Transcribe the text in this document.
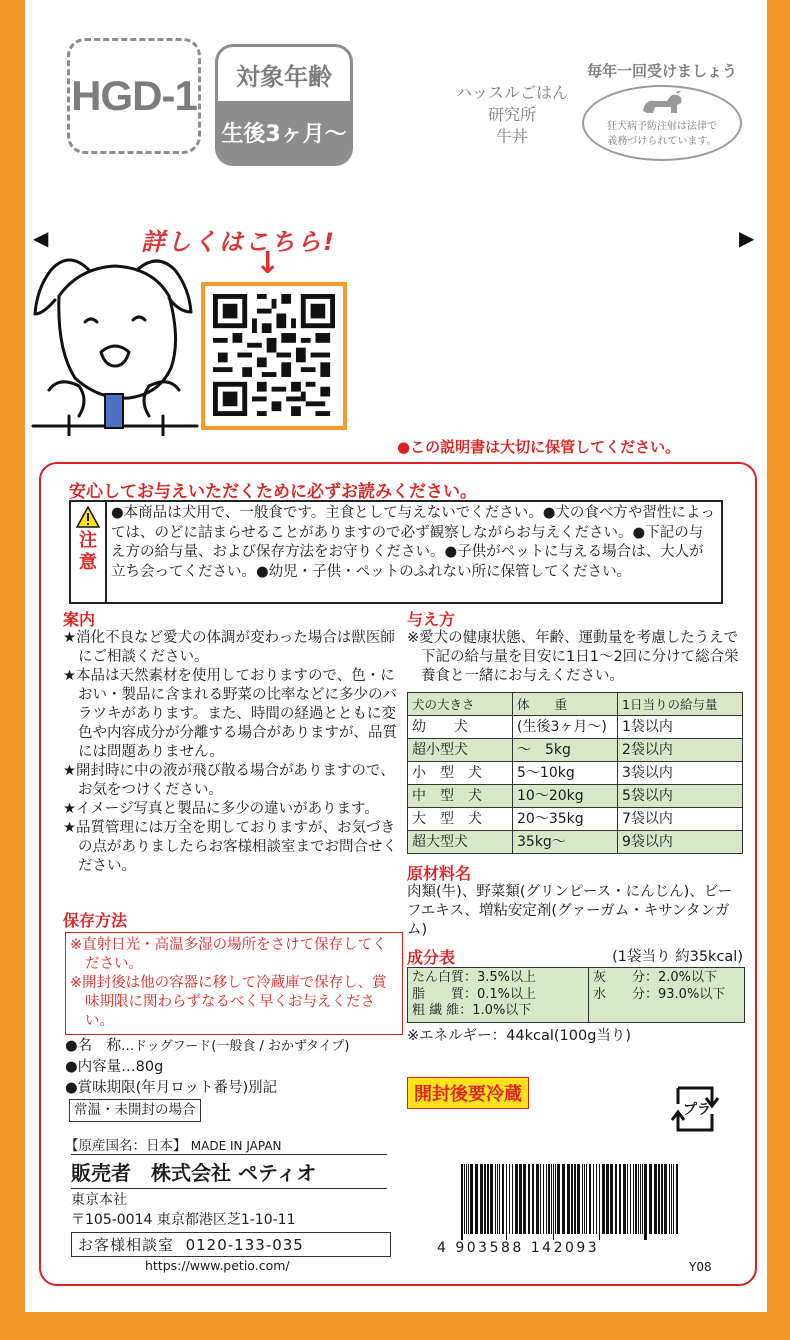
HGD-1	対象年齢
生後3ヶ月〜
ハッスルごはん
研究所
牛丼
毎年一回受けましょう
狂犬病予防注射は法律で
義務づけられています。
◀	▶
詳しくはこちら!
↓
●この説明書は大切に保管してください。
安心してお与えいただくために必ずお読みください。
注
意
●本商品は犬用で、一般食です。主食として与えないでください。●犬の食べ方や習性によっては、のどに詰まらせることがありますので必ず観察しながらお与えください。●下記の与え方の給与量、および保存方法をお守りください。●子供がペットに与える場合は、大人が立ち会ってください。●幼児・子供・ペットのふれない所に保管してください。
案内
★消化不良など愛犬の体調が変わった場合は獣医師にご相談ください。
★本品は天然素材を使用しておりますので、色・におい・製品に含まれる野菜の比率などに多少のバラツキがあります。また、時間の経過とともに変色や内容成分が分離する場合がありますが、品質には問題ありません。
★開封時に中の液が飛び散る場合がありますので、お気をつけください。
★イメージ写真と製品に多少の違いがあります。
★品質管理には万全を期しておりますが、お気づきの点がありましたらお客様相談室までお問合せください。
保存方法
※直射日光・高温多湿の場所をさけて保存してください。
※開封後は他の容器に移して冷蔵庫で保存し、賞味期限に関わらずなるべく早くお与えください。
●名　称…ドッグフード(一般食 / おかずタイプ)
●内容量…80g
●賞味期限(年月ロット番号)別記
常温・未開封の場合
【原産国名：日本】 MADE IN JAPAN
販売者　株式会社 ペティオ
東京本社
〒105-0014 東京都港区芝1-10-11
お客様相談室 0120-133-035
https://www.petio.com/
与え方
※愛犬の健康状態、年齢、運動量を考慮したうえで下記の給与量を目安に1日1〜2回に分けて総合栄養食と一緒にお与えください。
犬の大きさ	体　　重	1日当りの給与量
幼　　犬	(生後3ヶ月〜)	1袋以内
超小型犬	〜　5kg	2袋以内
小　型　犬	5〜10kg	3袋以内
中　型　犬	10〜20kg	5袋以内
大　型　犬	20〜35kg	7袋以内
超大型犬	35kg〜	9袋以内
原材料名
肉類(牛)、野菜類(グリンピース・にんじん)、ビーフエキス、増粘安定剤(グァーガム・キサンタンガム)
成分表	(1袋当り 約35kcal)
たん白質：3.5%以上
脂　　質：0.1%以上
粗 繊 維：1.0%以下
灰　　分：2.0%以下
水　　分：93.0%以下
※エネルギー：44kcal(100g当り)
開封後要冷蔵
プラ
4 903588 142093
Y08
